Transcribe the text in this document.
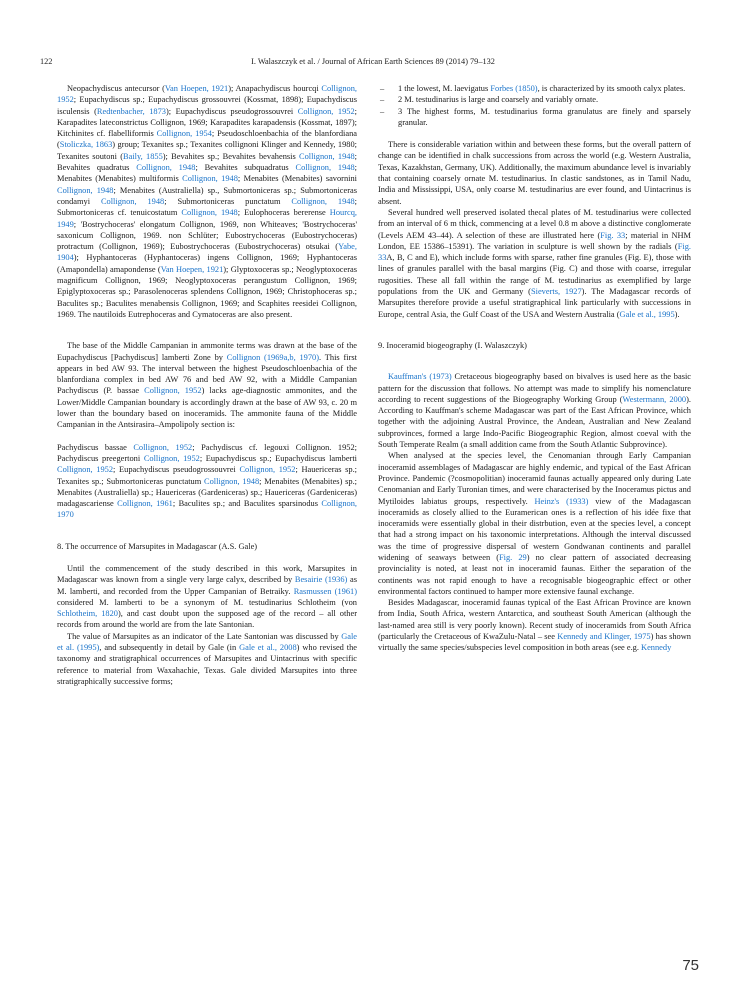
122	I. Walaszczyk et al. / Journal of African Earth Sciences 89 (2014) 79–132

Neopachydiscus antecursor (Van Hoepen, 1921); Anapachydiscus hourcqi Collignon, 1952; Eupachydiscus sp.; Eupachydiscus grossouvrei (Kossmat, 1898); Eupachydiscus isculensis (Redtenbacher, 1873); Eupachydiscus pseudogrossouvrei Collignon, 1952; Karapadites lateconstrictus Collignon, 1969; Karapadites karapadensis (Kossmat, 1897); Kitchinites cf. flabelliformis Collignon, 1954; Pseudoschloenbachia of the blanfordiana (Stoliczka, 1863) group; Texanites sp.; Texanites collignoni Klinger and Kennedy, 1980; Texanites soutoni (Baily, 1855); Bevahites sp.; Bevahites bevahensis Collignon, 1948; Bevahites quadratus Collignon, 1948; Bevahites subquadratus Collignon, 1948; Menabites (Menabites) multiformis Collignon, 1948; Menabites (Menabites) savornini Collignon, 1948; Menabites (Australiella) sp., Submortoniceras sp.; Submortoniceras condamyi Collignon, 1948; Submortoniceras punctatum Collignon, 1948; Submortoniceras cf. tenuicostatum Collignon, 1948; Eulophoceras bererense Hourcq, 1949; 'Bostrychoceras' elongatum Collignon, 1969, non Whiteaves; 'Bostrychoceras' saxonicum Collignon, 1969. non Schlüter; Eubostrychoceras (Eubostrychoceras) protractum (Collignon, 1969); Eubostrychoceras (Eubostrychoceras) otsukai (Yabe, 1904); Hyphantoceras (Hyphantoceras) ingens Collignon, 1969; Hyphantoceras (Amapondella) amapondense (Van Hoepen, 1921); Glyptoxoceras sp.; Neoglyptoxoceras magnificum Collignon, 1969; Neoglyptoxoceras perangustum Collignon, 1969; Epiglyptoxoceras sp.; Parasolenoceras splendens Collignon, 1969; Christophoceras sp.; Baculites sp.; Baculites menabensis Collignon, 1969; and Scaphites reesidei Collignon, 1969. The nautiloids Eutrephoceras and Cymatoceras are also present.

The base of the Middle Campanian in ammonite terms was drawn at the base of the Eupachydiscus [Pachydiscus] lamberti Zone by Collignon (1969a,b, 1970). This first appears in bed AW 93. The interval between the highest Pseudoschloenbachia of the blanfordiana complex in bed AW 76 and bed AW 92, with a Middle Campanian Pachydiscus (P. bassae Collignon, 1952) lacks age-diagnostic ammonites, and the Lower/Middle Campanian boundary is accordingly drawn at the base of AW 93, c. 20 m lower than the boundary based on inoceramids. The ammonite fauna of the Middle Campanian in the Antsirasira–Ampolipoly section is:

Pachydiscus bassae Collignon, 1952; Pachydiscus cf. legouxi Collignon. 1952; Pachydiscus preegertoni Collignon, 1952; Eupachydiscus sp.; Eupachydiscus lamberti Collignon, 1952; Eupachydiscus pseudogrossouvrei Collignon, 1952; Hauericeras sp.; Texanites sp.; Submortoniceras punctatum Collignon, 1948; Menabites (Menabites) sp.; Menabites (Australiella) sp.; Hauericeras (Gardeniceras) sp.; Hauericeras (Gardeniceras) madagascariense Collignon, 1961; Baculites sp.; and Baculites sparsinodus Collignon, 1970

8. The occurrence of Marsupites in Madagascar (A.S. Gale)

Until the commencement of the study described in this work, Marsupites in Madagascar was known from a single very large calyx, described by Besairie (1936) as M. lamberti, and recorded from the Upper Campanian of Betraiky. Rasmussen (1961) considered M. lamberti to be a synonym of M. testudinarius Schlotheim (von Schlotheim, 1820), and cast doubt upon the supposed age of the record – all other records from around the world are from the late Santonian.

The value of Marsupites as an indicator of the Late Santonian was discussed by Gale et al. (1995), and subsequently in detail by Gale (in Gale et al., 2008) who revised the taxonomy and stratigraphical occurrences of Marsupites and Uintacrinus with specific reference to material from Waxahachie, Texas. Gale divided Marsupites into three stratigraphically successive forms;

– 1 the lowest, M. laevigatus Forbes (1850), is characterized by its smooth calyx plates.
– 2 M. testudinarius is large and coarsely and variably ornate.
– 3 The highest forms, M. testudinarius forma granulatus are finely and sparsely granular.

There is considerable variation within and between these forms, but the overall pattern of change can be identified in chalk successions from across the world (e.g. Western Australia, Texas, Kazakhstan, Germany, UK). Additionally, the maximum abundance level is invariably that containing coarsely ornate M. testudinarius. In clastic sandstones, as in Tamil Nadu, India and Mississippi, USA, only coarse M. testudinarius are ever found, and Uintacrinus is absent.

Several hundred well preserved isolated thecal plates of M. testudinarius were collected from an interval of 6 m thick, commencing at a level 0.8 m above a distinctive conglomerate (Levels AEM 43–44). A selection of these are illustrated here (Fig. 33; material in NHM London, EE 15386–15391). The variation in sculpture is well shown by the radials (Fig. 33A, B, C and E), which include forms with sparse, rather fine granules (Fig. E), those with lines of granules parallel with the basal margins (Fig. C) and those with coarse, irregular rugosities. These all fall within the range of M. testudinarius as exemplified by large populations from the UK and Germany (Sieverts, 1927). The Madagascar records of Marsupites therefore provide a useful stratigraphical link particularly with successions in Europe, central Asia, the Gulf Coast of the USA and Western Australia (Gale et al., 1995).

9. Inoceramid biogeography (I. Walaszczyk)

Kauffman's (1973) Cretaceous biogeography based on bivalves is used here as the basic pattern for the discussion that follows. No attempt was made to simplify his nomenclature according to recent suggestions of the Biogeography Working Group (Westermann, 2000). According to Kauffman's scheme Madagascar was part of the East African Province, which together with the adjoining Austral Province, the Andean, Australian and New Zealand subprovinces, formed a large Indo-Pacific Biogeographic Region, almost coeval with the South Temperate Realm (a small addition came from the South Atlantic Subprovince).

When analysed at the species level, the Cenomanian through Early Campanian inoceramid assemblages of Madagascar are highly endemic, and typical of the East African Province. Pandemic (?cosmopolitian) inoceramid faunas actually appeared only during Late Cenomanian and Early Turonian times, and were characterised by the Inoceramus pictus and Mytiloides labiatus groups, respectively. Heinz's (1933) view of the Madagascan inoceramids as closely allied to the Euramerican ones is a reflection of his idée fixe that inoceramids were essentially global in their distrbution, even at the species level, a concept that had a strong impact on his taxonomic interpretations. Although the interval discussed was the time of progressive dispersal of western Gondwanan continents and parallel widening of seaways between (Fig. 29) no clear pattern of associated decreasing provinciality is noted, at least not in inoceramid faunas. Either the separation of the continents was not rapid enough to have a recognisable biogeographic effect or other environmental factors continued to hamper more extensive faunal exchange.

Besides Madagascar, inoceramid faunas typical of the East African Province are known from India, South Africa, western Antarctica, and southeast South American (although the last-named area still is very poorly known). Recent study of inoceramids from South Africa (particularly the Cretaceous of KwaZulu-Natal – see Kennedy and Klinger, 1975) has shown virtually the same species/subspecies level composition in both areas (see e.g. Kennedy

75
